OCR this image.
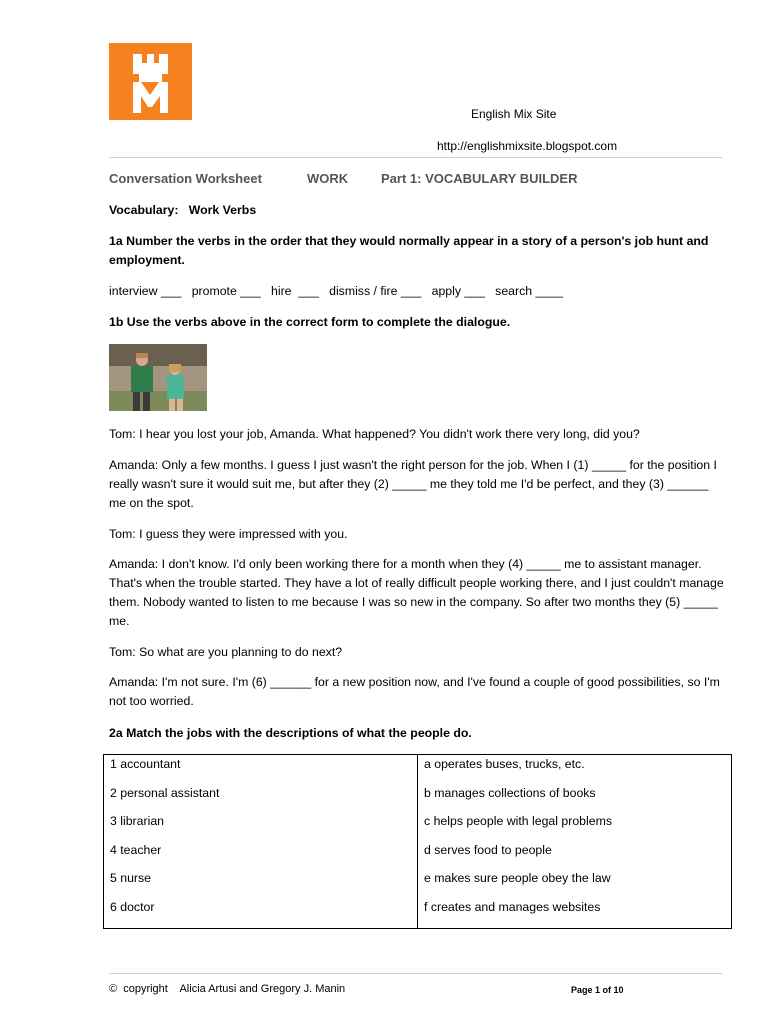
English Mix Site
http://englishmixsite.blogspot.com
Conversation Worksheet	WORK	Part 1: VOCABULARY BUILDER
Vocabulary:   Work Verbs
1a Number the verbs in the order that they would normally appear in a story of a person's job hunt and employment.
interview ___   promote ___   hire  ___   dismiss / fire ___   apply ___   search ____
1b Use the verbs above in the correct form to complete the dialogue.
Tom: I hear you lost your job, Amanda. What happened? You didn't work there very long, did you?
Amanda: Only a few months. I guess I just wasn't the right person for the job. When I (1) _____ for the position I really wasn't sure it would suit me, but after they (2) _____ me they told me I'd be perfect, and they (3) ______ me on the spot.
Tom: I guess they were impressed with you.
Amanda: I don't know. I'd only been working there for a month when they (4) _____ me to assistant manager. That's when the trouble started. They have a lot of really difficult people working there, and I just couldn't manage them. Nobody wanted to listen to me because I was so new in the company. So after two months they (5) _____ me.
Tom: So what are you planning to do next?
Amanda: I'm not sure. I'm (6) ______ for a new position now, and I've found a couple of good possibilities, so I'm not too worried.
2a Match the jobs with the descriptions of what the people do.
1 accountant	a operates buses, trucks, etc.

2 personal assistant	b manages collections of books

3 librarian	c helps people with legal problems

4 teacher	d serves food to people

5 nurse	e makes sure people obey the law

6 doctor	f creates and manages websites
©  copyright    Alicia Artusi and Gregory J. Manin	Page 1 of 10
